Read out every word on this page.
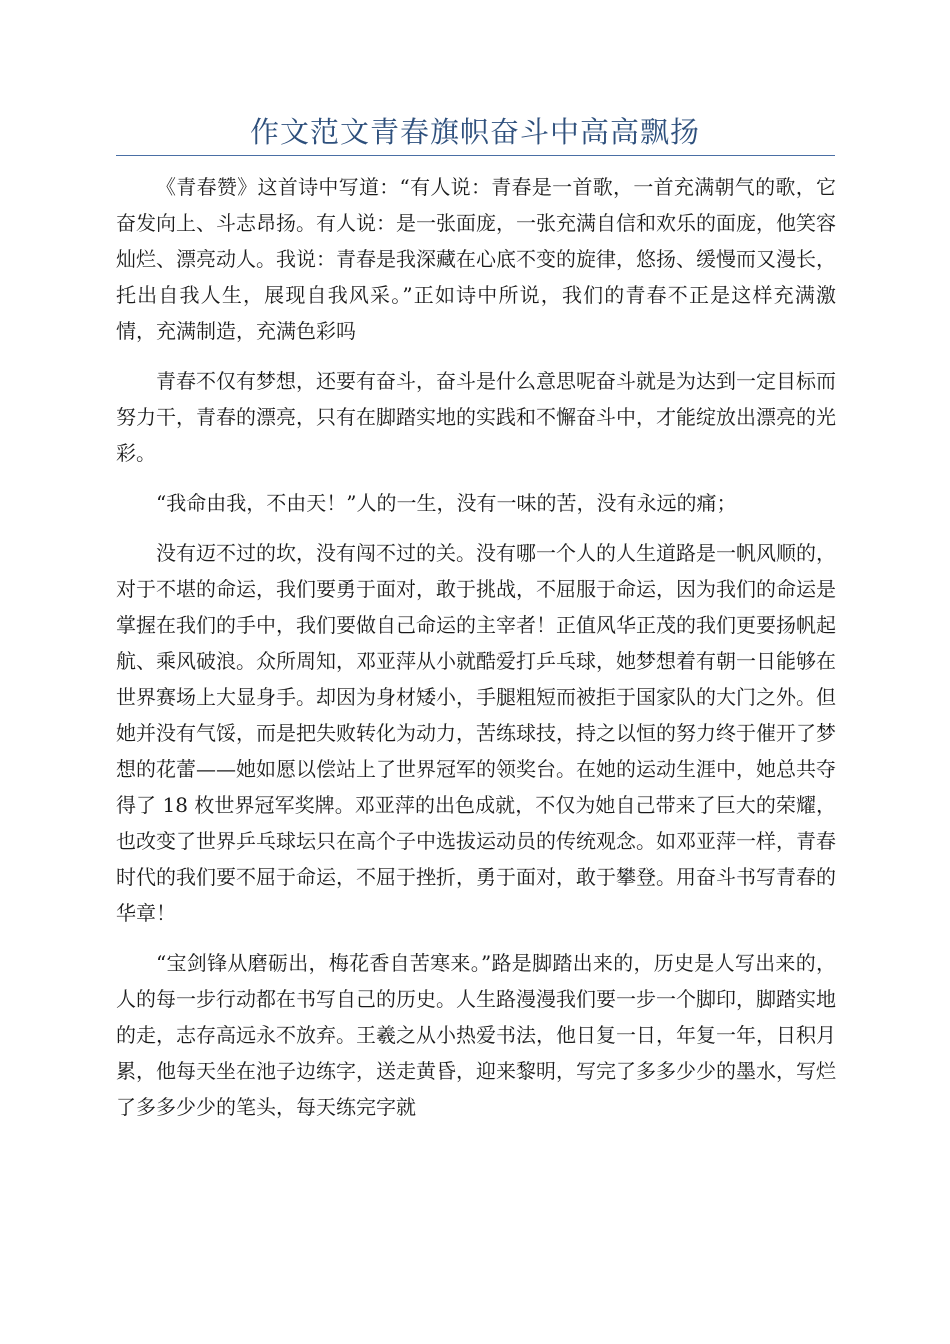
作文范文青春旗帜奋斗中高高飘扬

《青春赞》这首诗中写道：“有人说：青春是一首歌，一首充满朝气的歌，它奋发向上、斗志昂扬。有人说：是一张面庞，一张充满自信和欢乐的面庞，他笑容灿烂、漂亮动人。我说：青春是我深藏在心底不变的旋律，悠扬、缓慢而又漫长，托出自我人生，展现自我风采。”正如诗中所说，我们的青春不正是这样充满激情，充满制造，充满色彩吗

青春不仅有梦想，还要有奋斗，奋斗是什么意思呢奋斗就是为达到一定目标而努力干，青春的漂亮，只有在脚踏实地的实践和不懈奋斗中，才能绽放出漂亮的光彩。

“我命由我，不由天！”人的一生，没有一味的苦，没有永远的痛；

没有迈不过的坎，没有闯不过的关。没有哪一个人的人生道路是一帆风顺的，对于不堪的命运，我们要勇于面对，敢于挑战，不屈服于命运，因为我们的命运是掌握在我们的手中，我们要做自己命运的主宰者！正值风华正茂的我们更要扬帆起航、乘风破浪。众所周知，邓亚萍从小就酷爱打乒乓球，她梦想着有朝一日能够在世界赛场上大显身手。却因为身材矮小，手腿粗短而被拒于国家队的大门之外。但她并没有气馁，而是把失败转化为动力，苦练球技，持之以恒的努力终于催开了梦想的花蕾——她如愿以偿站上了世界冠军的领奖台。在她的运动生涯中，她总共夺得了 18 枚世界冠军奖牌。邓亚萍的出色成就，不仅为她自己带来了巨大的荣耀，也改变了世界乒乓球坛只在高个子中选拔运动员的传统观念。如邓亚萍一样，青春时代的我们要不屈于命运，不屈于挫折，勇于面对，敢于攀登。用奋斗书写青春的华章！

“宝剑锋从磨砺出，梅花香自苦寒来。”路是脚踏出来的，历史是人写出来的，人的每一步行动都在书写自己的历史。人生路漫漫我们要一步一个脚印，脚踏实地的走，志存高远永不放弃。王羲之从小热爱书法，他日复一日，年复一年，日积月累，他每天坐在池子边练字，送走黄昏，迎来黎明，写完了多多少少的墨水，写烂了多多少少的笔头，每天练完字就
